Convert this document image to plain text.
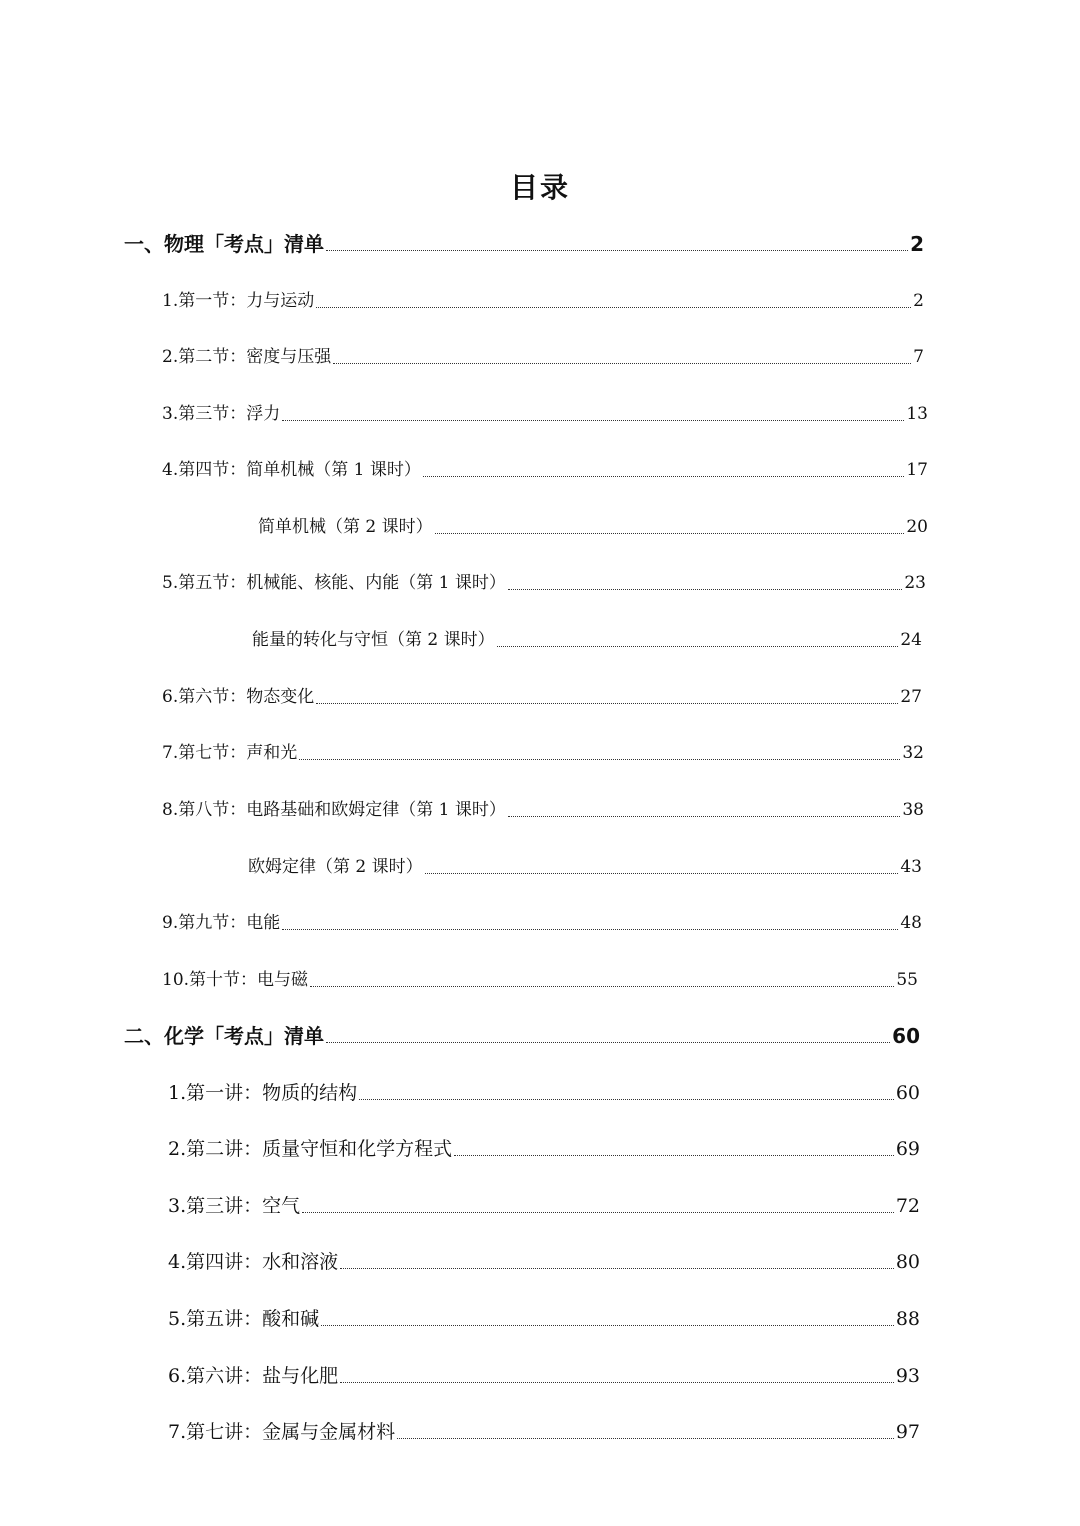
目录
一、物理「考点」清单	2
1.第一节：力与运动	2
2.第二节：密度与压强	7
3.第三节：浮力	13
4.第四节：简单机械（第 1 课时）	17
简单机械（第 2 课时）	20
5.第五节：机械能、核能、内能（第 1 课时）	23
能量的转化与守恒（第 2 课时）	24
6.第六节：物态变化	27
7.第七节：声和光	32
8.第八节：电路基础和欧姆定律（第 1 课时）	38
欧姆定律（第 2 课时）	43
9.第九节：电能	48
10.第十节：电与磁	55
二、化学「考点」清单	60
1.第一讲：物质的结构	60
2.第二讲：质量守恒和化学方程式	69
3.第三讲：空气	72
4.第四讲：水和溶液	80
5.第五讲：酸和碱	88
6.第六讲：盐与化肥	93
7.第七讲：金属与金属材料	97
